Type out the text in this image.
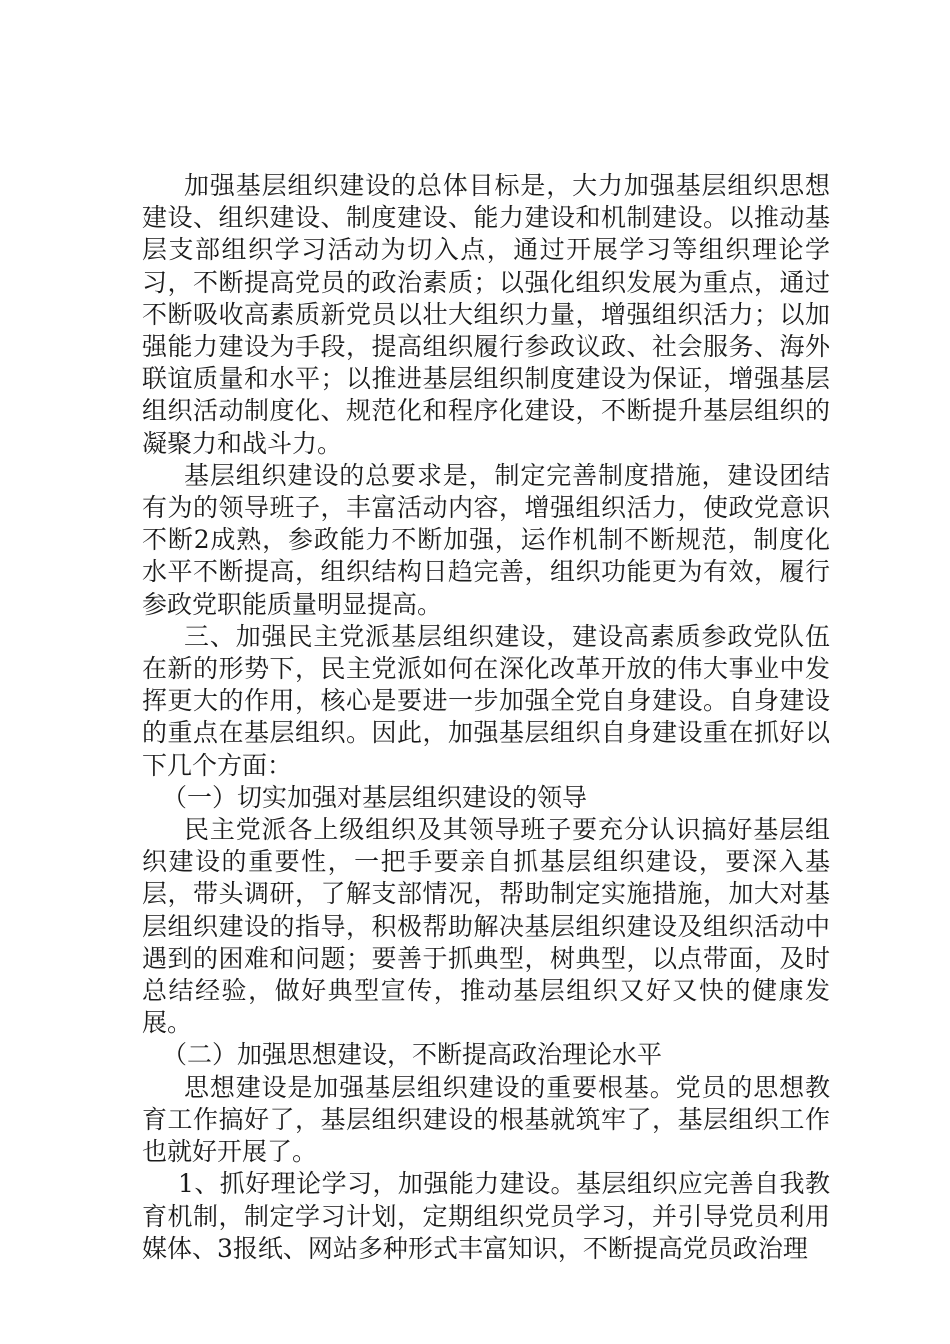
加强基层组织建设的总体目标是，大力加强基层组织思想建设、组织建设、制度建设、能力建设和机制建设。以推动基层支部组织学习活动为切入点，通过开展学习等组织理论学习，不断提高党员的政治素质；以强化组织发展为重点，通过不断吸收高素质新党员以壮大组织力量，增强组织活力；以加强能力建设为手段，提高组织履行参政议政、社会服务、海外联谊质量和水平；以推进基层组织制度建设为保证，增强基层组织活动制度化、规范化和程序化建设，不断提升基层组织的凝聚力和战斗力。

基层组织建设的总要求是，制定完善制度措施，建设团结有为的领导班子，丰富活动内容，增强组织活力，使政党意识不断2成熟，参政能力不断加强，运作机制不断规范，制度化水平不断提高，组织结构日趋完善，组织功能更为有效，履行参政党职能质量明显提高。

三、加强民主党派基层组织建设，建设高素质参政党队伍在新的形势下，民主党派如何在深化改革开放的伟大事业中发挥更大的作用，核心是要进一步加强全党自身建设。自身建设的重点在基层组织。因此，加强基层组织自身建设重在抓好以下几个方面：

（一）切实加强对基层组织建设的领导

民主党派各上级组织及其领导班子要充分认识搞好基层组织建设的重要性，一把手要亲自抓基层组织建设，要深入基层，带头调研，了解支部情况，帮助制定实施措施，加大对基层组织建设的指导，积极帮助解决基层组织建设及组织活动中遇到的困难和问题；要善于抓典型，树典型，以点带面，及时总结经验，做好典型宣传，推动基层组织又好又快的健康发展。

（二）加强思想建设，不断提高政治理论水平

思想建设是加强基层组织建设的重要根基。党员的思想教育工作搞好了，基层组织建设的根基就筑牢了，基层组织工作也就好开展了。

1、抓好理论学习，加强能力建设。基层组织应完善自我教育机制，制定学习计划，定期组织党员学习，并引导党员利用媒体、3报纸、网站多种形式丰富知识，不断提高党员政治理
